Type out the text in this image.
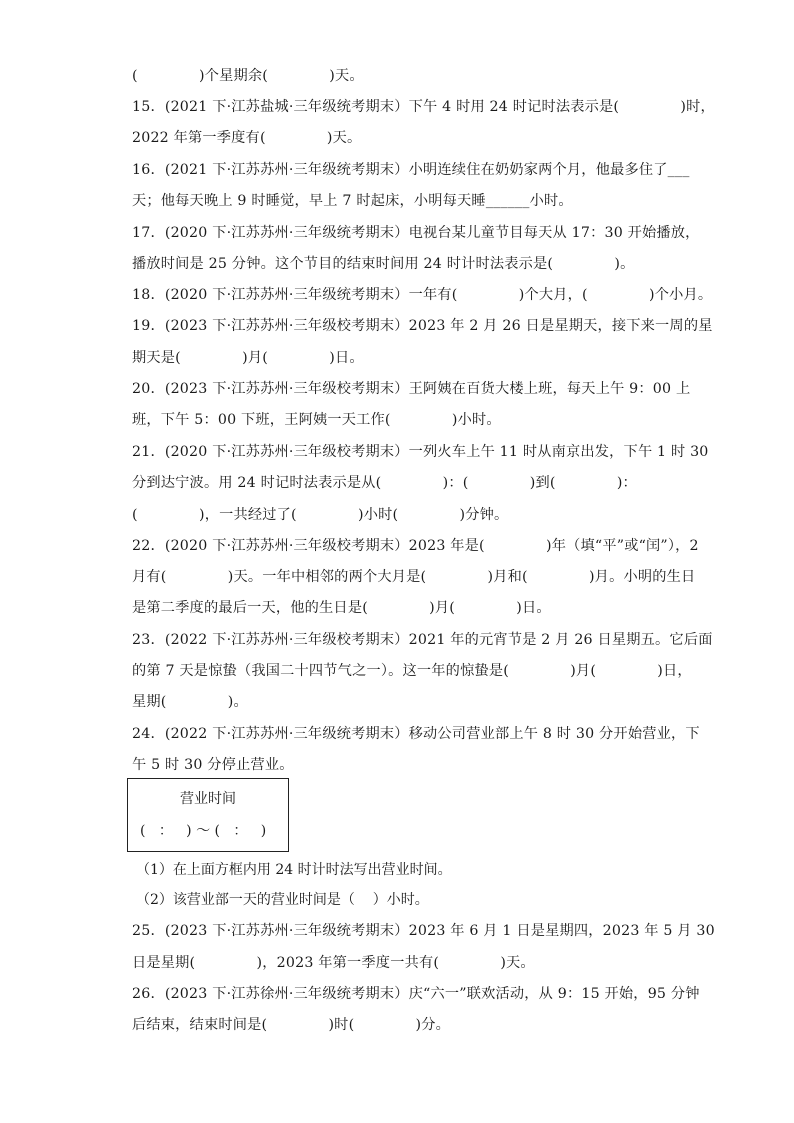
(             )个星期余(             )天。
15．(2021 下·江苏盐城·三年级统考期末）下午 4 时用 24 时记时法表示是(             )时，
2022 年第一季度有(             )天。
16．(2021 下·江苏苏州·三年级统考期末）小明连续住在奶奶家两个月，他最多住了___
天；他每天晚上 9 时睡觉，早上 7 时起床，小明每天睡______小时。
17．(2020 下·江苏苏州·三年级统考期末）电视台某儿童节目每天从 17：30 开始播放，
播放时间是 25 分钟。这个节目的结束时间用 24 时计时法表示是(             )。
18．(2020 下·江苏苏州·三年级统考期末）一年有(             )个大月，(             )个小月。
19．(2023 下·江苏苏州·三年级校考期末）2023 年 2 月 26 日是星期天，接下来一周的星
期天是(             )月(             )日。
20．(2023 下·江苏苏州·三年级校考期末）王阿姨在百货大楼上班，每天上午 9：00 上
班，下午 5：00 下班，王阿姨一天工作(             )小时。
21．(2020 下·江苏苏州·三年级校考期末）一列火车上午 11 时从南京出发，下午 1 时 30
分到达宁波。用 24 时记时法表示是从(             )：(             )到(             )：
(             )，一共经过了(             )小时(             )分钟。
22．(2020 下·江苏苏州·三年级校考期末）2023 年是(             )年（填“平”或“闰”），2
月有(             )天。一年中相邻的两个大月是(             )月和(             )月。小明的生日
是第二季度的最后一天，他的生日是(             )月(             )日。
23．(2022 下·江苏苏州·三年级校考期末）2021 年的元宵节是 2 月 26 日星期五。它后面
的第 7 天是惊蛰（我国二十四节气之一）。这一年的惊蛰是(             )月(             )日，
星期(             )。
24．(2022 下·江苏苏州·三年级统考期末）移动公司营业部上午 8 时 30 分开始营业，下
午 5 时 30 分停止营业。
营业时间
(   ：   ) ～ (   ：   )
（1）在上面方框内用 24 时计时法写出营业时间。
（2）该营业部一天的营业时间是（    ）小时。
25．(2023 下·江苏苏州·三年级统考期末）2023 年 6 月 1 日是星期四，2023 年 5 月 30
日是星期(             )，2023 年第一季度一共有(             )天。
26．(2023 下·江苏徐州·三年级统考期末）庆“六一”联欢活动，从 9：15 开始，95 分钟
后结束，结束时间是(             )时(             )分。
